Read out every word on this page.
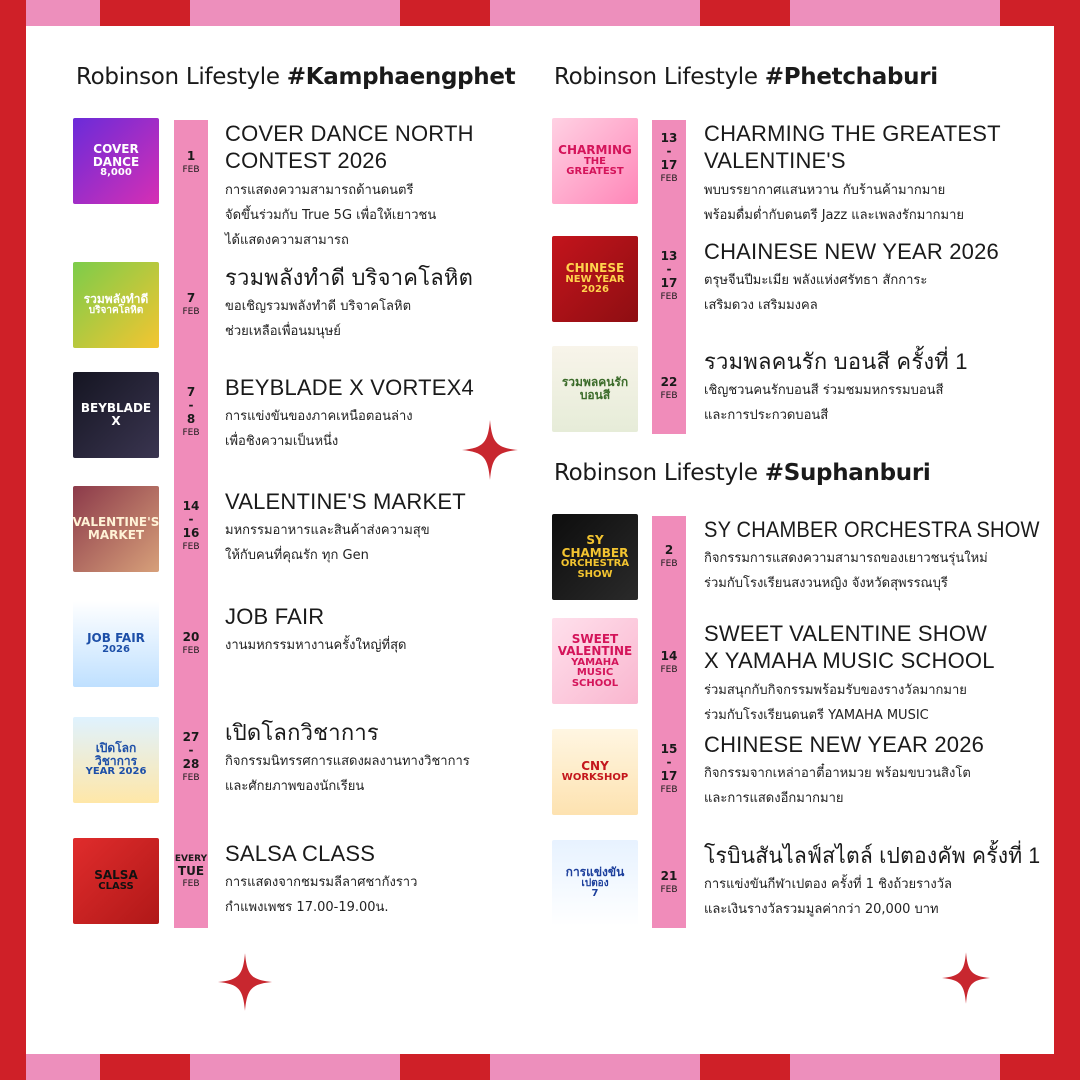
Robinson Lifestyle #Kamphaengphet Robinson Lifestyle #Phetchaburi
Robinson Lifestyle #Suphanburi
COVER DANCE
8,000
1
FEB
COVER DANCE NORTH
CONTEST 2026
การแสดงความสามารถด้านดนตรี
จัดขึ้นร่วมกับ True 5G เพื่อให้เยาวชน
ได้แสดงความสามารถ
รวมพลังทำดี
บริจาคโลหิต
7
FEB
รวมพลังทำดี บริจาคโลหิต
ขอเชิญรวมพลังทำดี บริจาคโลหิต
ช่วยเหลือเพื่อนมนุษย์
BEYBLADE X
7
-
8
FEB
BEYBLADE X VORTEX4
การแข่งขันของภาคเหนือตอนล่าง
เพื่อชิงความเป็นหนึ่ง
VALENTINE'S MARKET
14
-
16
FEB
VALENTINE'S MARKET
มหกรรมอาหารและสินค้าส่งความสุข
ให้กับคนที่คุณรัก ทุก Gen
JOB FAIR
2026
20
FEB
JOB FAIR
งานมหกรรมหางานครั้งใหญ่ที่สุด
เปิดโลกวิชาการ
YEAR 2026
27
-
28
FEB
เปิดโลกวิชาการ
กิจกรรมนิทรรศการแสดงผลงานทางวิชาการ
และศักยภาพของนักเรียน
SALSA
CLASS
EVERY
TUE
FEB
SALSA CLASS
การแสดงจากชมรมลีลาศชากังราว
กำแพงเพชร 17.00-19.00น.
CHARMING
THE GREATEST
13
-
17
FEB
CHARMING THE GREATEST
VALENTINE'S
พบบรรยากาศแสนหวาน กับร้านค้ามากมาย
พร้อมดื่มด่ำกับดนตรี Jazz และเพลงรักมากมาย
CHINESE
NEW YEAR
2026
13
-
17
FEB
CHAINESE NEW YEAR 2026
ตรุษจีนปีมะเมีย พลังแห่งศรัทธา สักการะ
เสริมดวง เสริมมงคล
รวมพลคนรักบอนสี
22
FEB
รวมพลคนรัก บอนสี ครั้งที่ 1
เชิญชวนคนรักบอนสี ร่วมชมมหกรรมบอนสี
และการประกวดบอนสี
SY CHAMBER
ORCHESTRA SHOW
2
FEB
SY CHAMBER ORCHESTRA SHOW
กิจกรรมการแสดงความสามารถของเยาวชนรุ่นใหม่
ร่วมกับโรงเรียนสงวนหญิง จังหวัดสุพรรณบุรี
SWEET VALENTINE
YAMAHA MUSIC SCHOOL
14
FEB
SWEET VALENTINE SHOW
X YAMAHA MUSIC SCHOOL
ร่วมสนุกกับกิจกรรมพร้อมรับของรางวัลมากมาย
ร่วมกับโรงเรียนดนตรี YAMAHA MUSIC
CNY
WORKSHOP
15
-
17
FEB
CHINESE NEW YEAR 2026
กิจกรรมจากเหล่าอาตี๋อาหมวย พร้อมขบวนสิงโต
และการแสดงอีกมากมาย
การแข่งขัน
เปตอง
7
21
FEB
โรบินสันไลฟ์สไตล์ เปตองคัพ ครั้งที่ 1
การแข่งขันกีฬาเปตอง ครั้งที่ 1 ชิงถ้วยรางวัล
และเงินรางวัลรวมมูลค่ากว่า 20,000 บาท
